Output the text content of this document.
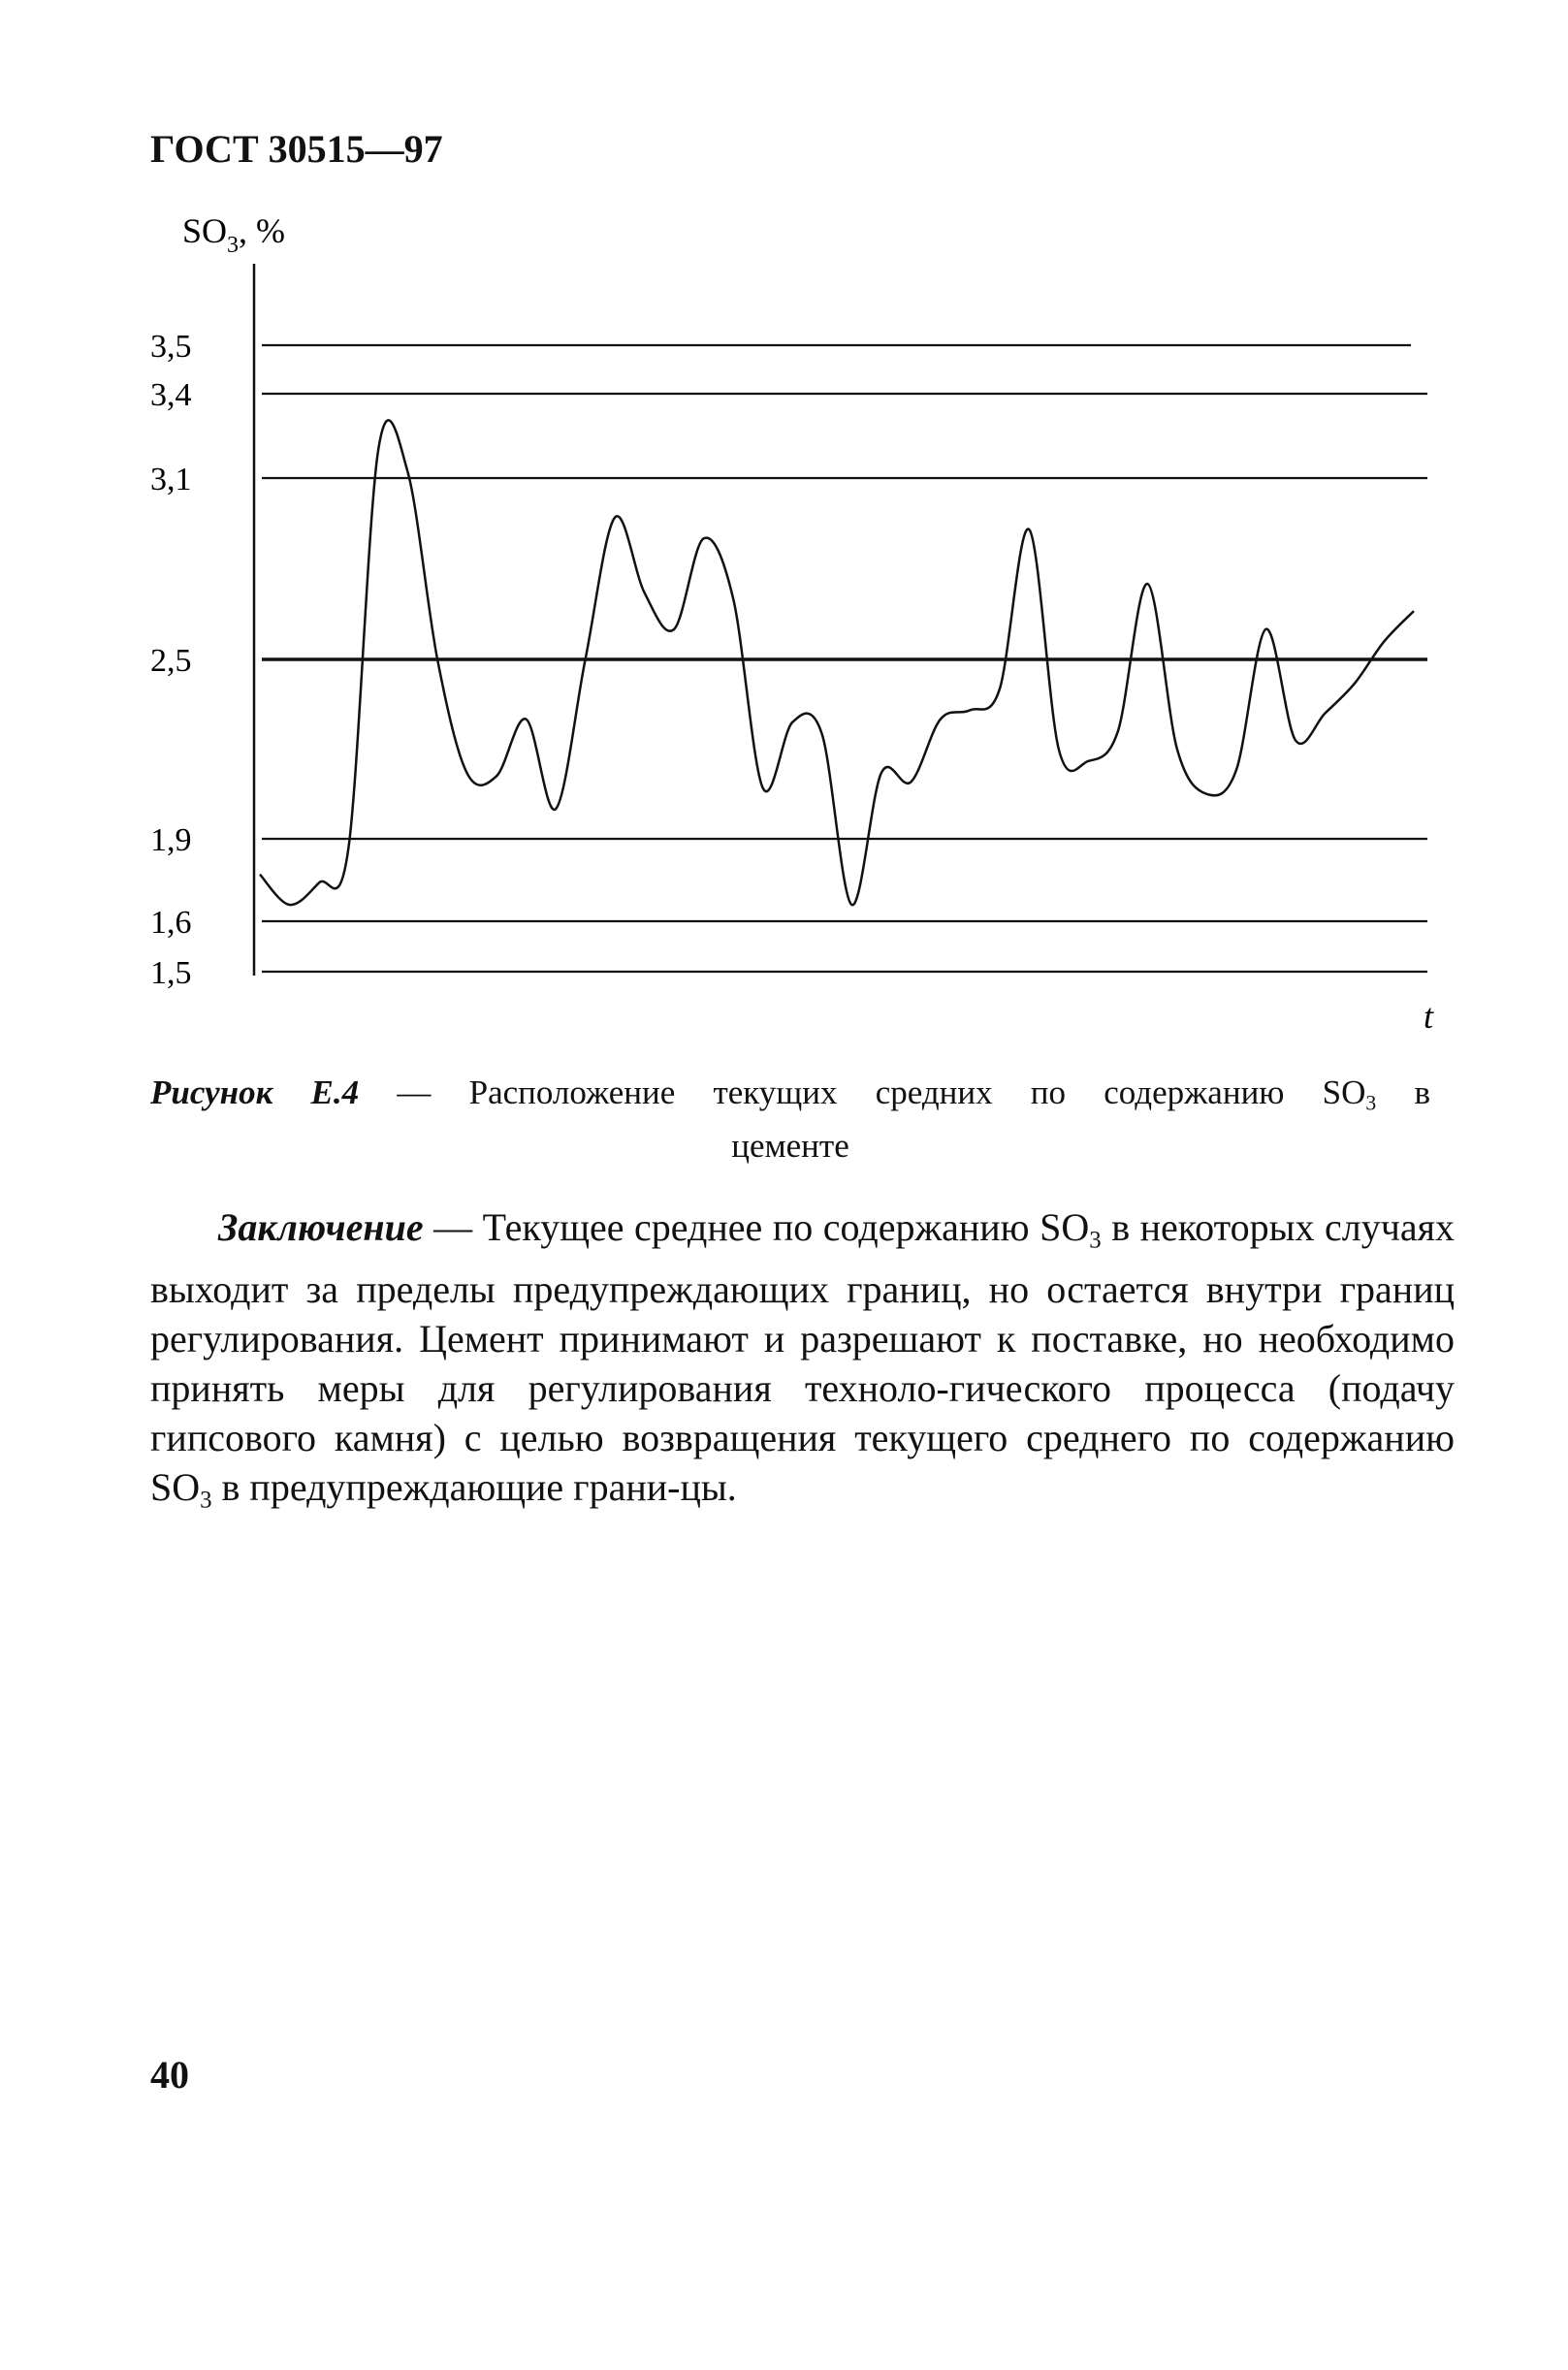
ГОСТ 30515—97
3,5
3,4
3,1
2,5
1,9
1,6
1,5
$SO_3$, %
t

Рисунок Е.4 — Расположение текущих средних по содержанию $SO_3$ в
цементе

Заключение — Текущее среднее по содержанию $SO_3$ в некоторых случаях выходит за пределы предупреждающих границ, но остается внутри границ регулирования. Цемент принимают и разрешают к поставке, но необходимо принять меры для регулирования техноло-гического процесса (подачу гипсового камня) с целью возвращения текущего среднего по содержанию $SO_3$ в предупреждающие грани-цы.

40
